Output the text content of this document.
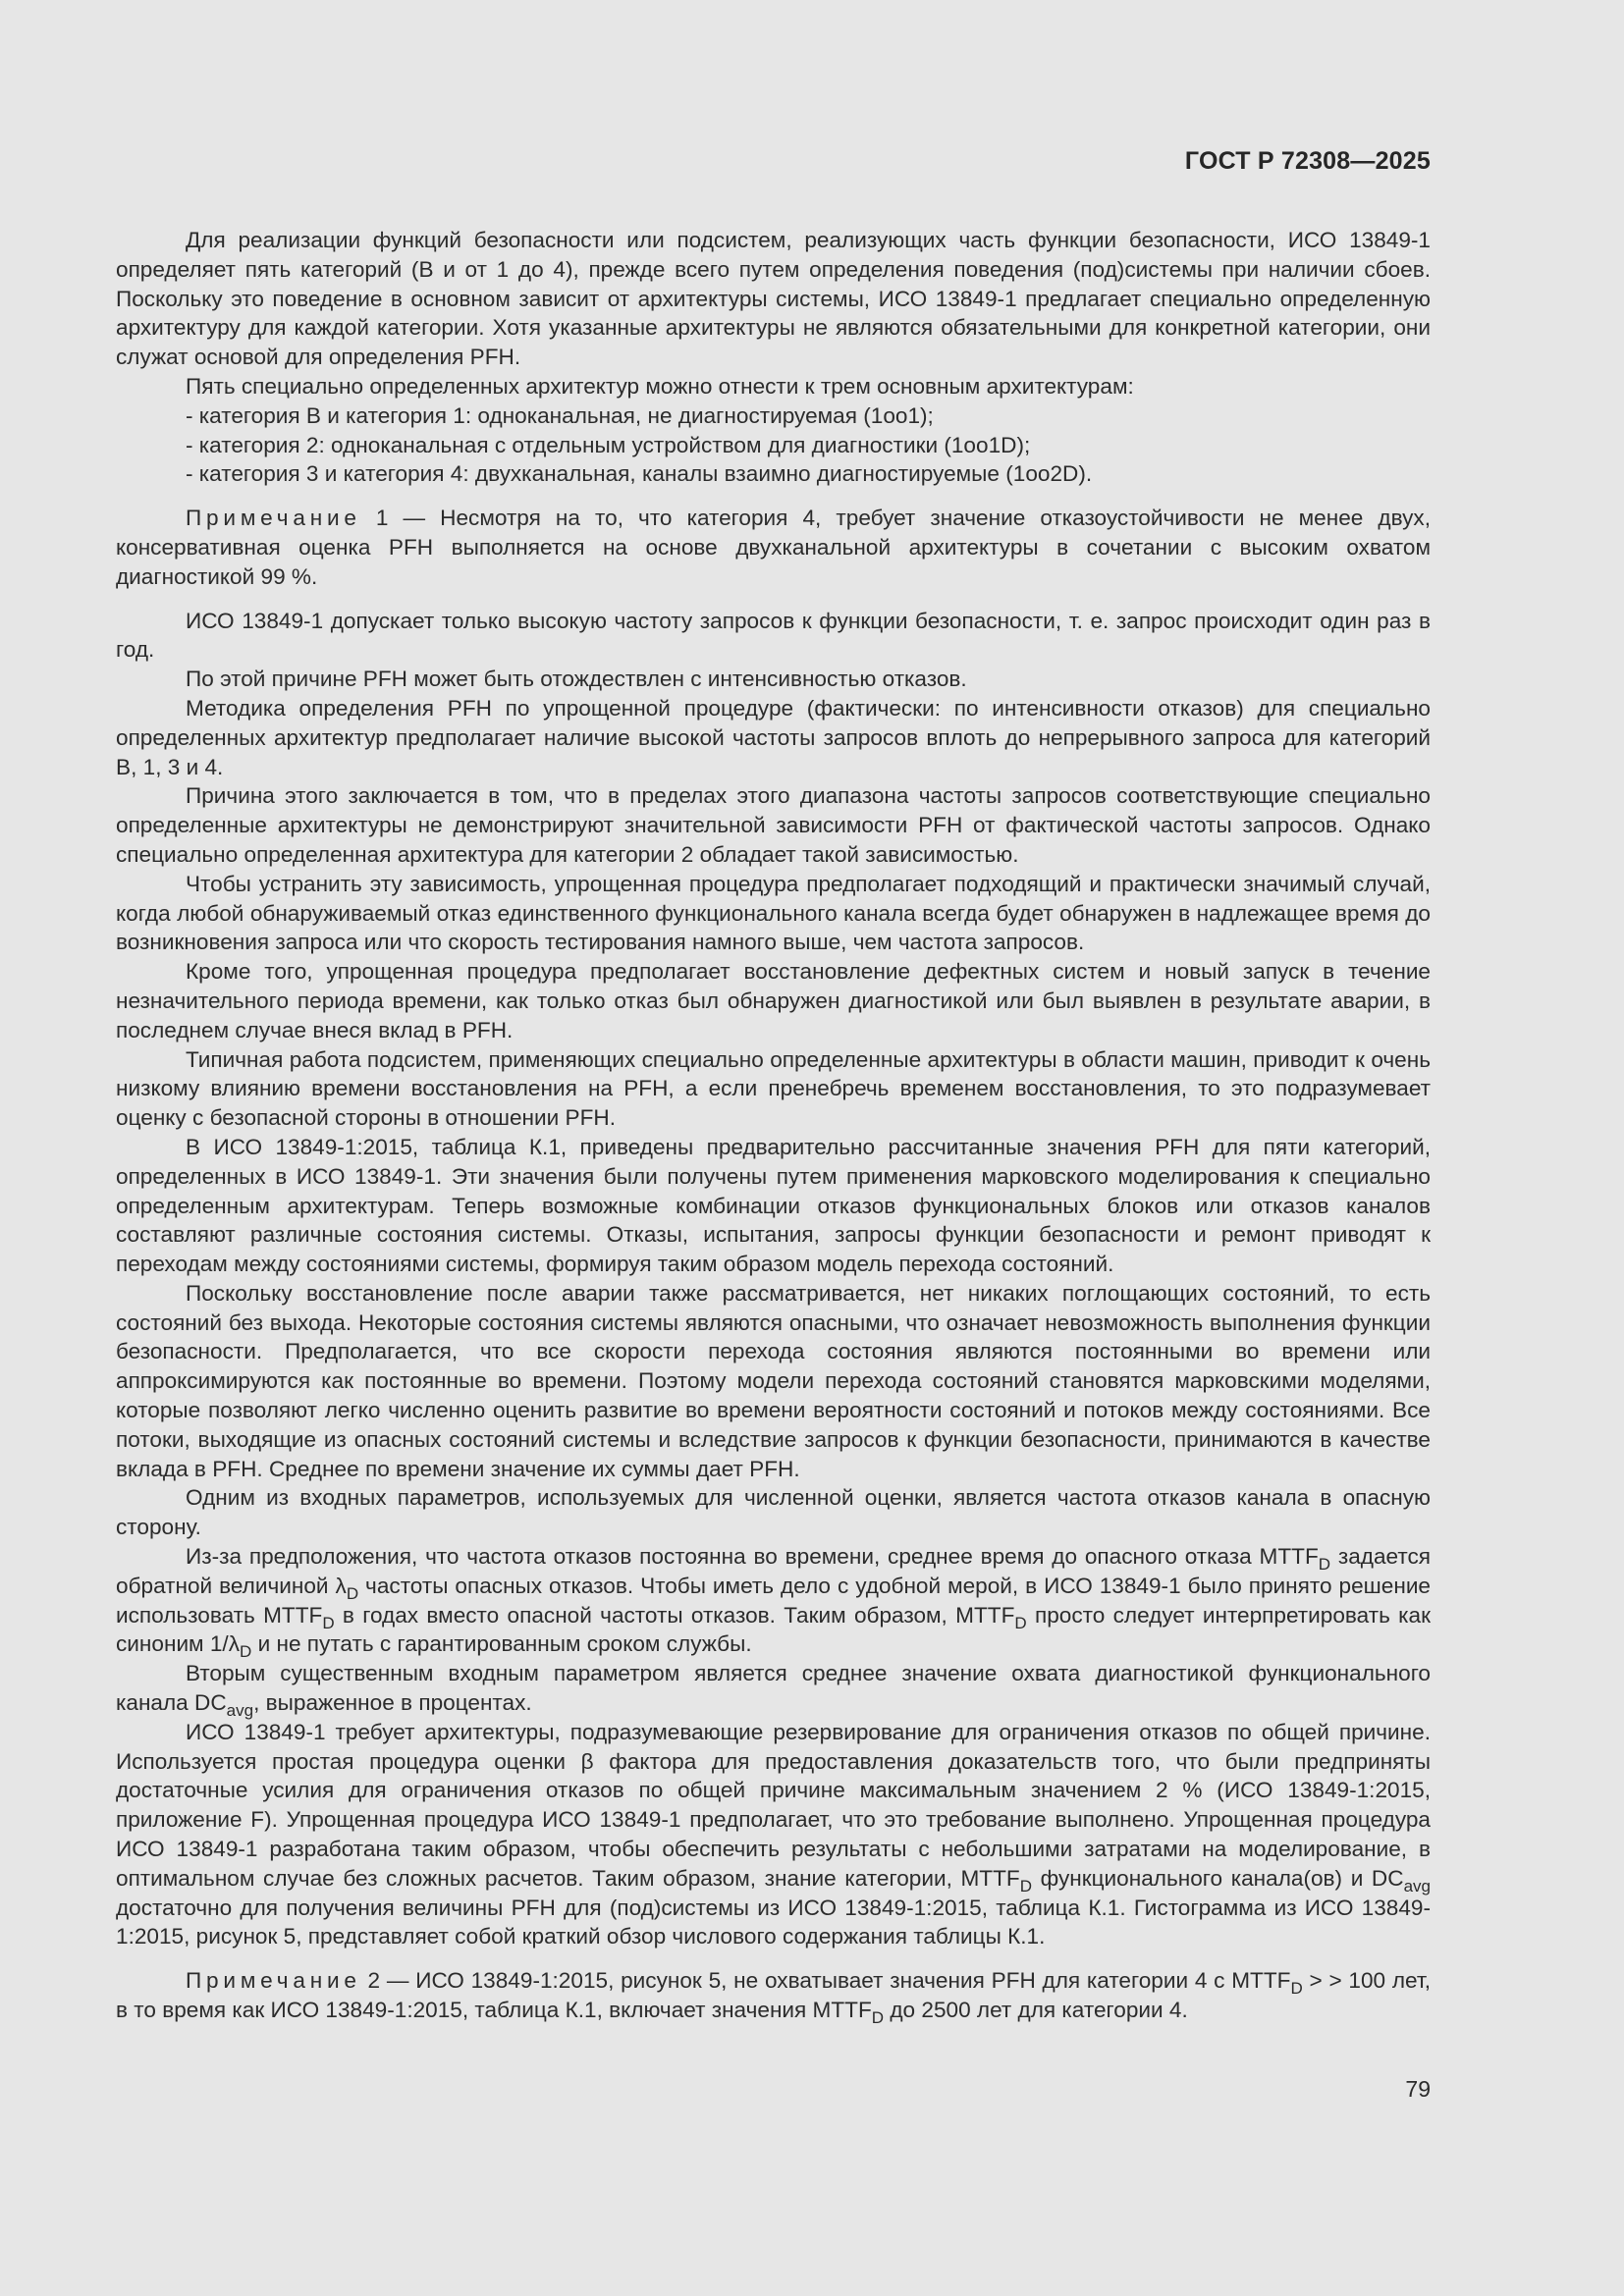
ГОСТ Р 72308—2025

Для реализации функций безопасности или подсистем, реализующих часть функции безопасности, ИСО 13849-1 определяет пять категорий (B и от 1 до 4), прежде всего путем определения поведения (под)системы при наличии сбоев. Поскольку это поведение в основном зависит от архитектуры системы, ИСО 13849-1 предлагает специально определенную архитектуру для каждой категории. Хотя указанные архитектуры не являются обязательными для конкретной категории, они служат основой для определения PFH.

Пять специально определенных архитектур можно отнести к трем основным архитектурам:

- категория B и категория 1: одноканальная, не диагностируемая (1oo1);

- категория 2: одноканальная с отдельным устройством для диагностики (1oo1D);

- категория 3 и категория 4: двухканальная, каналы взаимно диагностируемые (1oo2D).

Примечание 1 — Несмотря на то, что категория 4, требует значение отказоустойчивости не менее двух, консервативная оценка PFH выполняется на основе двухканальной архитектуры в сочетании с высоким охватом диагностикой 99 %.

ИСО 13849-1 допускает только высокую частоту запросов к функции безопасности, т. е. запрос происходит один раз в год.

По этой причине PFH может быть отождествлен с интенсивностью отказов.

Методика определения PFH по упрощенной процедуре (фактически: по интенсивности отказов) для специально определенных архитектур предполагает наличие высокой частоты запросов вплоть до непрерывного запроса для категорий B, 1, 3 и 4.

Причина этого заключается в том, что в пределах этого диапазона частоты запросов соответствующие специально определенные архитектуры не демонстрируют значительной зависимости PFH от фактической частоты запросов. Однако специально определенная архитектура для категории 2 обладает такой зависимостью.

Чтобы устранить эту зависимость, упрощенная процедура предполагает подходящий и практически значимый случай, когда любой обнаруживаемый отказ единственного функционального канала всегда будет обнаружен в надлежащее время до возникновения запроса или что скорость тестирования намного выше, чем частота запросов.

Кроме того, упрощенная процедура предполагает восстановление дефектных систем и новый запуск в течение незначительного периода времени, как только отказ был обнаружен диагностикой или был выявлен в результате аварии, в последнем случае внеся вклад в PFH.

Типичная работа подсистем, применяющих специально определенные архитектуры в области машин, приводит к очень низкому влиянию времени восстановления на PFH, а если пренебречь временем восстановления, то это подразумевает оценку с безопасной стороны в отношении PFH.

В ИСО 13849-1:2015, таблица К.1, приведены предварительно рассчитанные значения PFH для пяти категорий, определенных в ИСО 13849-1. Эти значения были получены путем применения марковского моделирования к специально определенным архитектурам. Теперь возможные комбинации отказов функциональных блоков или отказов каналов составляют различные состояния системы. Отказы, испытания, запросы функции безопасности и ремонт приводят к переходам между состояниями системы, формируя таким образом модель перехода состояний.

Поскольку восстановление после аварии также рассматривается, нет никаких поглощающих состояний, то есть состояний без выхода. Некоторые состояния системы являются опасными, что означает невозможность выполнения функции безопасности. Предполагается, что все скорости перехода состояния являются постоянными во времени или аппроксимируются как постоянные во времени. Поэтому модели перехода состояний становятся марковскими моделями, которые позволяют легко численно оценить развитие во времени вероятности состояний и потоков между состояниями. Все потоки, выходящие из опасных состояний системы и вследствие запросов к функции безопасности, принимаются в качестве вклада в PFH. Среднее по времени значение их суммы дает PFH.

Одним из входных параметров, используемых для численной оценки, является частота отказов канала в опасную сторону.

Из-за предположения, что частота отказов постоянна во времени, среднее время до опасного отказа $MTTF_D$ задается обратной величиной $\lambda_D$ частоты опасных отказов. Чтобы иметь дело с удобной мерой, в ИСО 13849-1 было принято решение использовать $MTTF_D$ в годах вместо опасной частоты отказов. Таким образом, $MTTF_D$ просто следует интерпретировать как синоним $1/\lambda_D$ и не путать с гарантированным сроком службы.

Вторым существенным входным параметром является среднее значение охвата диагностикой функционального канала $DC_{avg}$, выраженное в процентах.

ИСО 13849-1 требует архитектуры, подразумевающие резервирование для ограничения отказов по общей причине. Используется простая процедура оценки β фактора для предоставления доказательств того, что были предприняты достаточные усилия для ограничения отказов по общей причине максимальным значением 2 % (ИСО 13849-1:2015, приложение F). Упрощенная процедура ИСО 13849-1 предполагает, что это требование выполнено. Упрощенная процедура ИСО 13849-1 разработана таким образом, чтобы обеспечить результаты с небольшими затратами на моделирование, в оптимальном случае без сложных расчетов. Таким образом, знание категории, $MTTF_D$ функционального канала(ов) и $DC_{avg}$ достаточно для получения величины PFH для (под)системы из ИСО 13849-1:2015, таблица К.1. Гистограмма из ИСО 13849-1:2015, рисунок 5, представляет собой краткий обзор числового содержания таблицы К.1.

Примечание 2 — ИСО 13849-1:2015, рисунок 5, не охватывает значения PFH для категории 4 с $MTTF_D$ > > 100 лет, в то время как ИСО 13849-1:2015, таблица К.1, включает значения $MTTF_D$ до 2500 лет для категории 4.

79
